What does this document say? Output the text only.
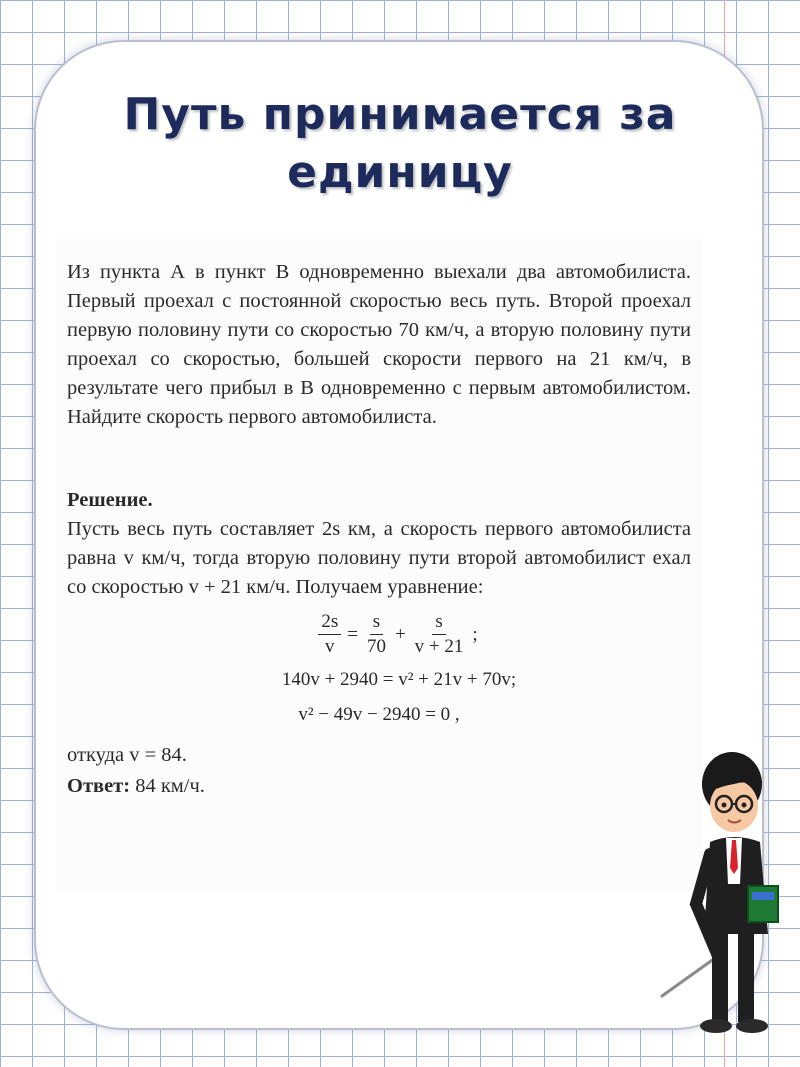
Путь принимается за
единицу

Из пункта А в пункт В одновременно выехали два автомобилиста. Первый проехал с постоянной скоростью весь путь. Второй проехал первую половину пути со скоростью 70 км/ч, а вторую половину пути проехал со скоростью, большей скорости первого на 21 км/ч, в результате чего прибыл в В одновременно с первым автомобилистом. Найдите скорость первого автомобилиста.

Решение.

Пусть весь путь составляет 2s км, а скорость первого автомобилиста равна v км/ч, тогда вторую половину пути второй автомобилист ехал со скоростью v + 21 км/ч. Получаем уравнение:

$\frac{2s}{v} = \frac{s}{70} + \frac{s}{v + 21}$ ;
140v + 2940 = v² + 21v + 70v;
v² − 49v − 2940 = 0 ,

откуда v = 84.

Ответ: 84 км/ч.
